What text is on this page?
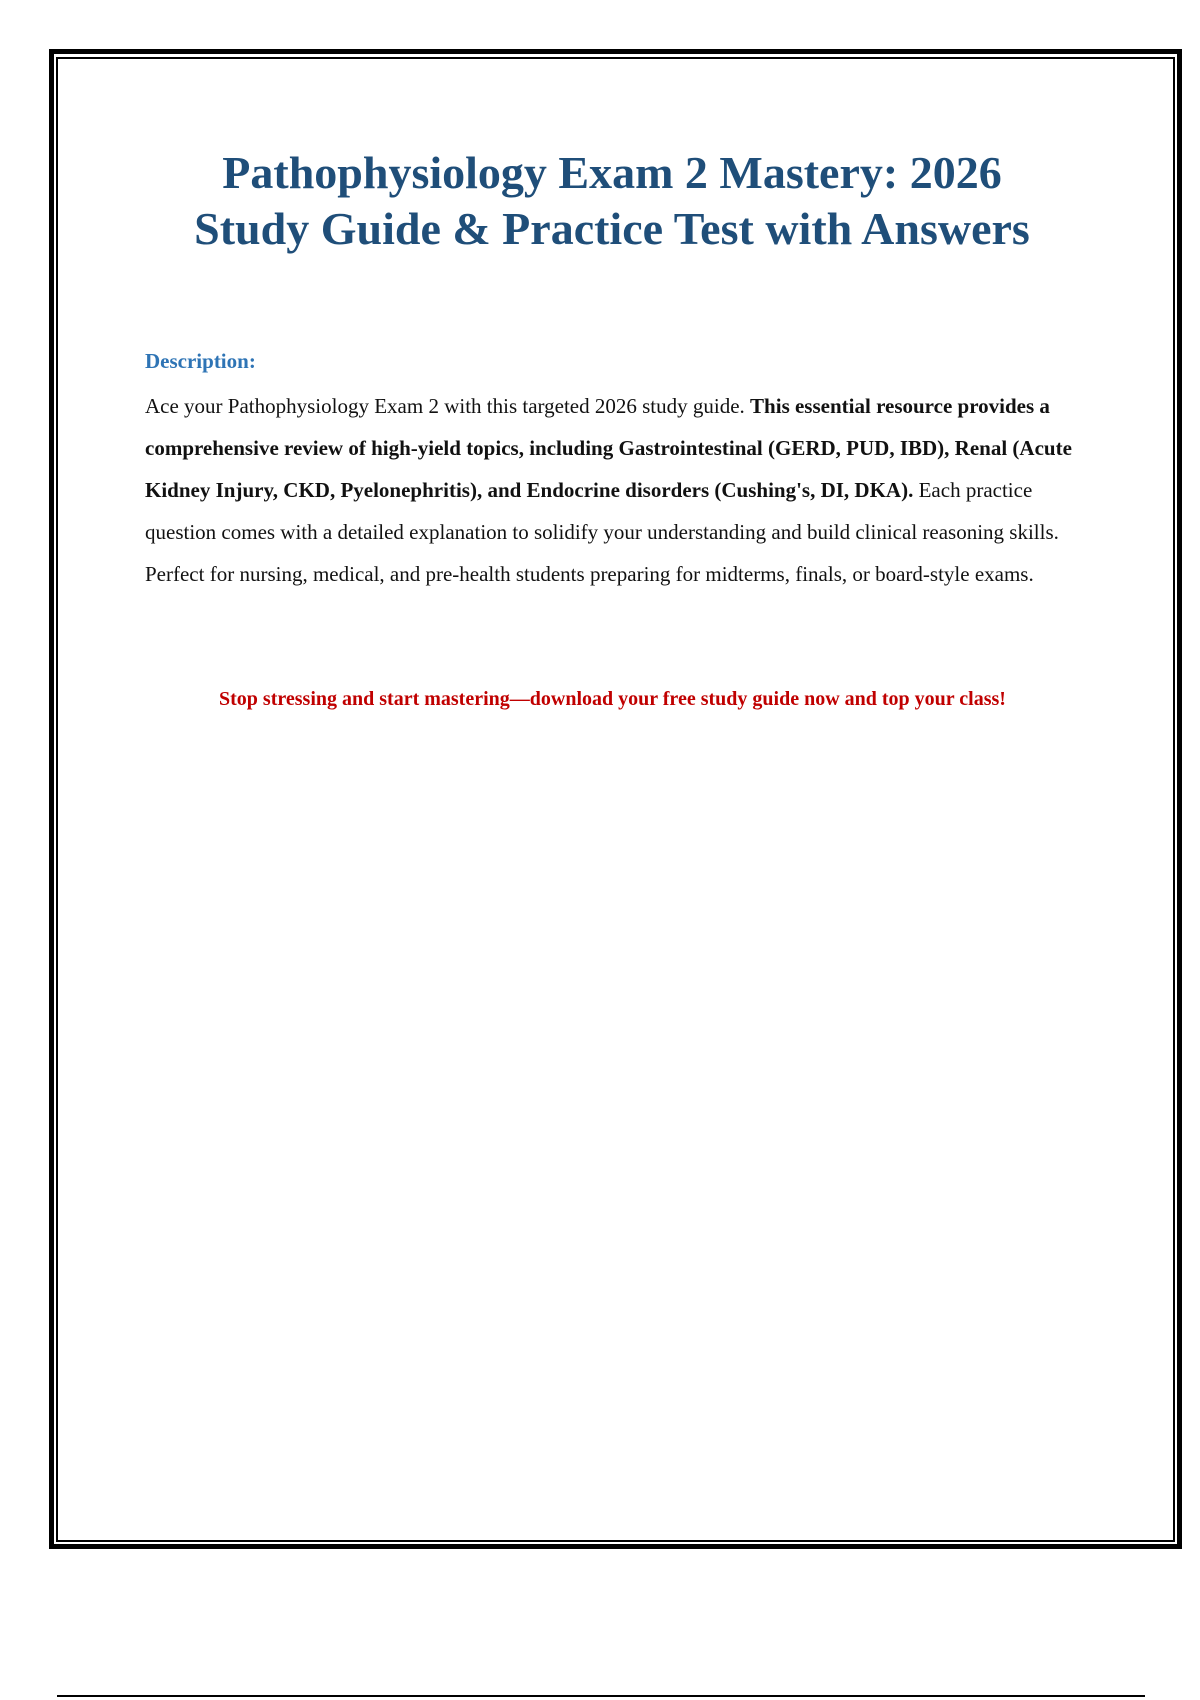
Pathophysiology Exam 2 Mastery: 2026
Study Guide & Practice Test with Answers

Description:

Ace your Pathophysiology Exam 2 with this targeted 2026 study guide. This essential resource provides a comprehensive review of high-yield topics, including Gastrointestinal (GERD, PUD, IBD), Renal (Acute Kidney Injury, CKD, Pyelonephritis), and Endocrine disorders (Cushing's, DI, DKA). Each practice question comes with a detailed explanation to solidify your understanding and build clinical reasoning skills. Perfect for nursing, medical, and pre-health students preparing for midterms, finals, or board-style exams.

Stop stressing and start mastering—download your free study guide now and top your class!
